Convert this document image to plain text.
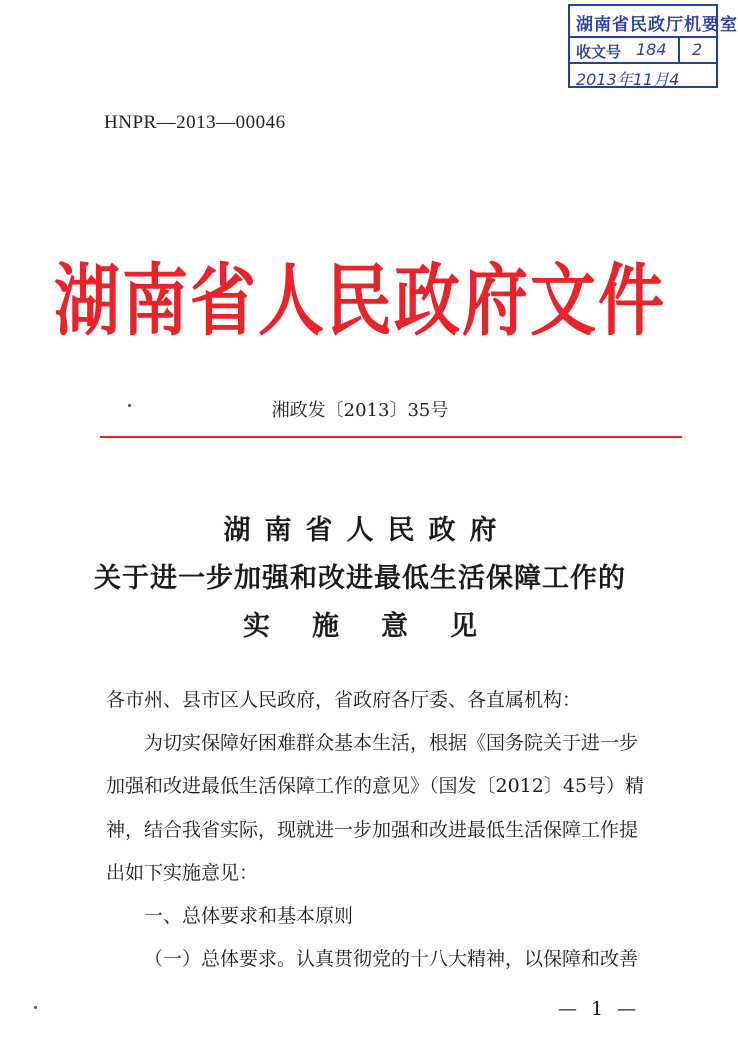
湖南省民政厅机要室
收文号 184 2
2013年11月4
HNPR—2013—00046
湖南省人民政府文件
湘政发〔2013〕35号
湖南省人民政府
关于进一步加强和改进最低生活保障工作的
实施意见
各市州、县市区人民政府，省政府各厅委、各直属机构：
为切实保障好困难群众基本生活，根据《国务院关于进一步
加强和改进最低生活保障工作的意见》（国发〔2012〕45号）精
神，结合我省实际，现就进一步加强和改进最低生活保障工作提
出如下实施意见：
一、总体要求和基本原则
（一）总体要求。认真贯彻党的十八大精神，以保障和改善
— 1 —
